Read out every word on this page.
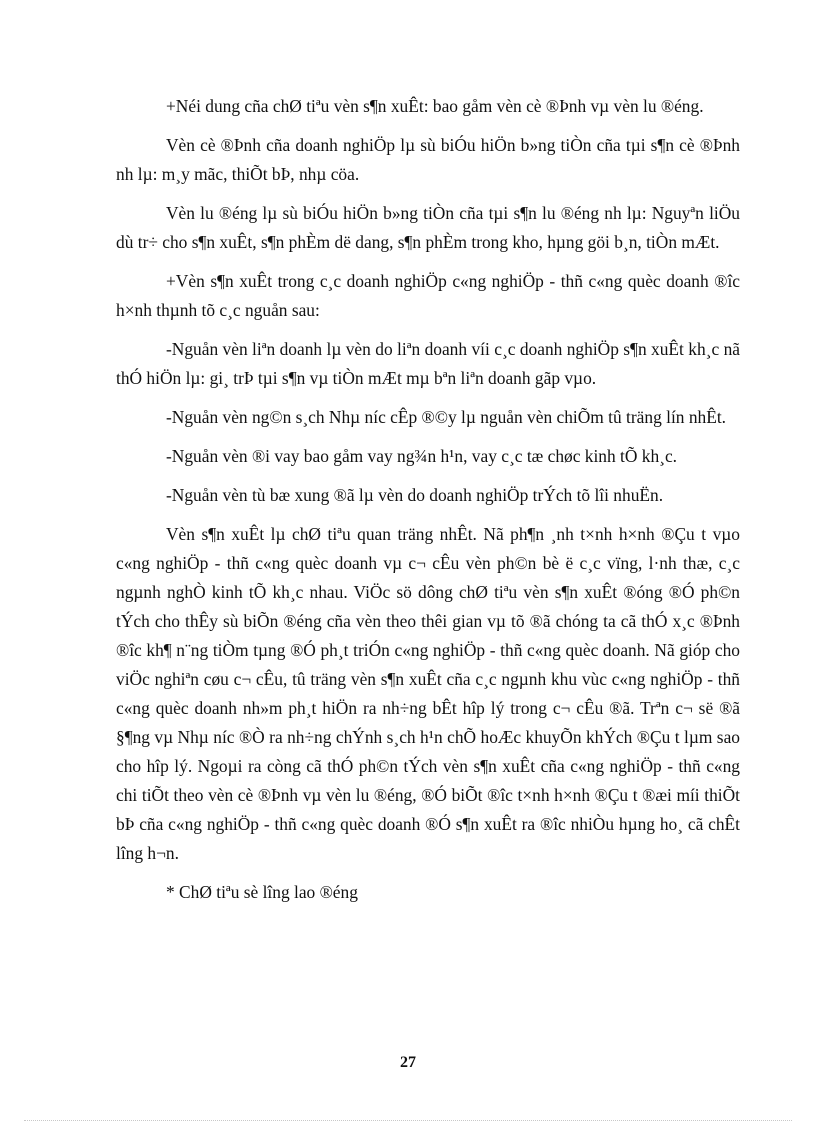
+Néi dung cña chØ tiªu vèn s¶n xuÊt: bao gåm vèn cè ®Þnh vµ vèn lu ®éng.

Vèn cè ®Þnh cña doanh nghiÖp lµ sù biÓu hiÖn b»ng tiÒn cña tµi s¶n cè ®Þnh nh lµ: m¸y mãc, thiÕt bÞ, nhµ cöa.

Vèn lu ®éng lµ sù biÓu hiÖn b»ng tiÒn cña tµi s¶n lu ®éng nh lµ: Nguyªn liÖu dù tr÷ cho s¶n xuÊt, s¶n phÈm dë dang, s¶n phÈm trong kho, hµng göi b¸n, tiÒn mÆt.

+Vèn s¶n xuÊt trong c¸c doanh nghiÖp c«ng nghiÖp - thñ c«ng quèc doanh ®îc h×nh thµnh tõ c¸c nguån sau:

-Nguån vèn liªn doanh lµ vèn do liªn doanh víi c¸c doanh nghiÖp s¶n xuÊt kh¸c nã thÓ hiÖn lµ: gi¸ trÞ tµi s¶n vµ tiÒn mÆt mµ bªn liªn doanh gãp vµo.

-Nguån vèn ng©n s¸ch Nhµ níc cÊp ®©y lµ nguån vèn chiÕm tû träng lín nhÊt.

-Nguån vèn ®i vay bao gåm vay ng¾n h¹n, vay c¸c tæ chøc kinh tÕ kh¸c.

-Nguån vèn tù bæ xung ®ã lµ vèn do doanh nghiÖp trÝch tõ lîi nhuËn.

Vèn s¶n xuÊt lµ chØ tiªu quan träng nhÊt. Nã ph¶n ¸nh t×nh h×nh ®Çu t vµo c«ng nghiÖp - thñ c«ng quèc doanh vµ c¬ cÊu vèn ph©n bè ë c¸c vïng, l·nh thæ, c¸c ngµnh nghÒ kinh tÕ kh¸c nhau. ViÖc sö dông chØ tiªu vèn s¶n xuÊt ®óng ®Ó ph©n tÝch cho thÊy sù biÕn ®éng cña vèn theo thêi gian vµ tõ ®ã chóng ta cã thÓ x¸c ®Þnh ®îc kh¶ n¨ng tiÒm tµng ®Ó ph¸t triÓn c«ng nghiÖp - thñ c«ng quèc doanh. Nã gióp cho viÖc nghiªn cøu c¬ cÊu, tû träng vèn s¶n xuÊt cña c¸c ngµnh khu vùc c«ng nghiÖp - thñ c«ng quèc doanh nh»m ph¸t hiÖn ra nh÷ng bÊt hîp lý trong c¬ cÊu ®ã. Trªn c¬ së ®ã §¶ng vµ Nhµ níc ®Ò ra nh÷ng chÝnh s¸ch h¹n chÕ hoÆc khuyÕn khÝch ®Çu t lµm sao cho hîp lý. Ngoµi ra còng cã thÓ ph©n tÝch vèn s¶n xuÊt cña c«ng nghiÖp - thñ c«ng chi tiÕt theo vèn cè ®Þnh vµ vèn lu ®éng, ®Ó biÕt ®îc t×nh h×nh ®Çu t ®æi míi thiÕt bÞ cña c«ng nghiÖp - thñ c«ng quèc doanh ®Ó s¶n xuÊt ra ®îc nhiÒu hµng ho¸ cã chÊt lîng h¬n.

* ChØ tiªu sè lîng lao ®éng

27
